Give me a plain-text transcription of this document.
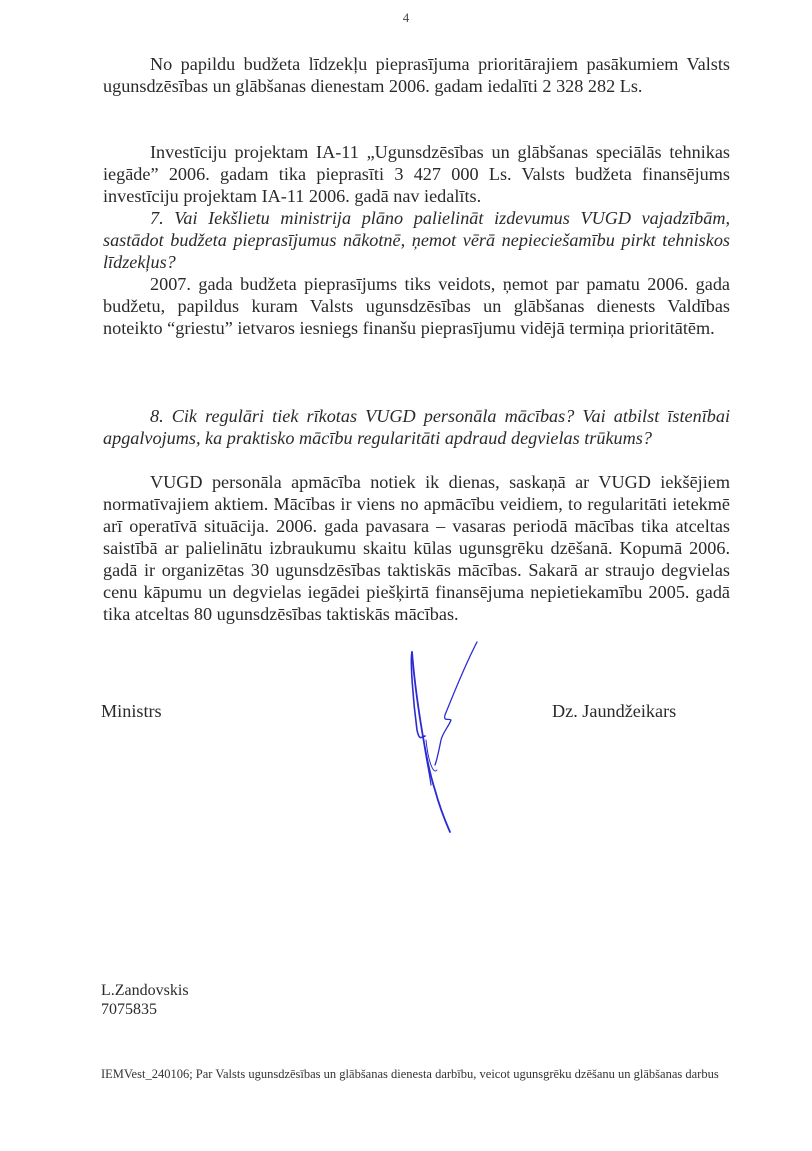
4

No papildu budžeta līdzekļu pieprasījuma prioritārajiem pasākumiem Valsts ugunsdzēsības un glābšanas dienestam 2006. gadam iedalīti 2 328 282 Ls.

Investīciju projektam IA-11 „Ugunsdzēsības un glābšanas speciālās tehnikas iegāde” 2006. gadam tika pieprasīti 3 427 000 Ls. Valsts budžeta finansējums investīciju projektam IA-11 2006. gadā nav iedalīts.

7. Vai Iekšlietu ministrija plāno palielināt izdevumus VUGD vajadzībām, sastādot budžeta pieprasījumus nākotnē, ņemot vērā nepieciešamību pirkt tehniskos līdzekļus?

2007. gada budžeta pieprasījums tiks veidots, ņemot par pamatu 2006. gada budžetu, papildus kuram Valsts ugunsdzēsības un glābšanas dienests Valdības noteikto “griestu” ietvaros iesniegs finanšu pieprasījumu vidējā termiņa prioritātēm.

8. Cik regulāri tiek rīkotas VUGD personāla mācības? Vai atbilst īstenībai apgalvojums, ka praktisko mācību regularitāti apdraud degvielas trūkums?

VUGD personāla apmācība notiek ik dienas, saskaņā ar VUGD iekšējiem normatīvajiem aktiem. Mācības ir viens no apmācību veidiem, to regularitāti ietekmē arī operatīvā situācija. 2006. gada pavasara – vasaras periodā mācības tika atceltas saistībā ar palielinātu izbraukumu skaitu kūlas ugunsgrēku dzēšanā. Kopumā 2006. gadā ir organizētas 30 ugunsdzēsības taktiskās mācības. Sakarā ar straujo degvielas cenu kāpumu un degvielas iegādei piešķirtā finansējuma nepietiekamību 2005. gadā tika atceltas 80 ugunsdzēsības taktiskās mācības.

Ministrs	Dz. Jaundžeikars
L.Zandovskis
7075835
IEMVest_240106; Par Valsts ugunsdzēsības un glābšanas dienesta darbību, veicot ugunsgrēku dzēšanu un glābšanas darbus
